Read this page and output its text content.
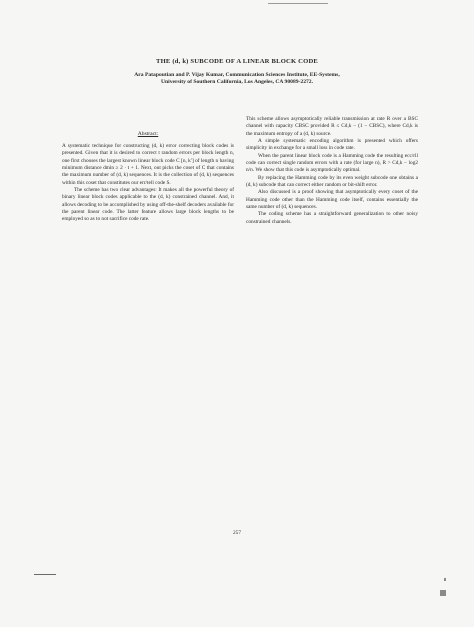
THE (d, k) SUBCODE OF A LINEAR BLOCK CODE
Ara Patapoutian and P. Vijay Kumar, Communication Sciences Institute, EE-Systems,
University of Southern California, Los Angeles, CA 90089-2272.
Abstract:

A systematic technique for constructing (d, k) error correcting block codes is presented. Given that it is desired to correct t random errors per block length n, one first chooses the largest known linear block code C [n, k′] of length n having minimum distance dmin ≥ 2 · t + 1. Next, out picks the coset of C that contains the maximum number of (d, k) sequences. It is the collection of (d, k) sequences within this coset that constitutes our err/tell code S.

The scheme has two clear advantages: It makes all the powerful theory of binary linear block codes applicable to the (d, k) constrained channel. And, it allows decoding to be accomplished by using off-the-shelf decoders available for the parent linear code. The latter feature allows large block lengths to be employed so as to not sacrifice code rate.

This scheme allows asymptotically reliable transmission at rate R over a BSC channel with capacity CBSC provided R ≤ Cd,k − (1 − CBSC), where Cd,k is the maximum entropy of a (d, k) source.

A simple systematic encoding algorithm is presented which offers simplicity in exchange for a small loss in code rate.

When the parent linear block code is a Hamming code the resulting ecc/rll code can correct single random errors with a rate (for large n), R > Cd,k − log2 n/n. We show that this code is asymptotically optimal.

By replacing the Hamming code by its even weight subcode one obtains a (d, k) subcode that can correct either random or bit-shift error.

Also discussed is a proof showing that asymptotically every coset of the Hamming code other than the Hamming code itself, contains essentially the same number of (d, k) sequences.

The coding scheme has a straightforward generalization to other noisy constrained channels.

257
